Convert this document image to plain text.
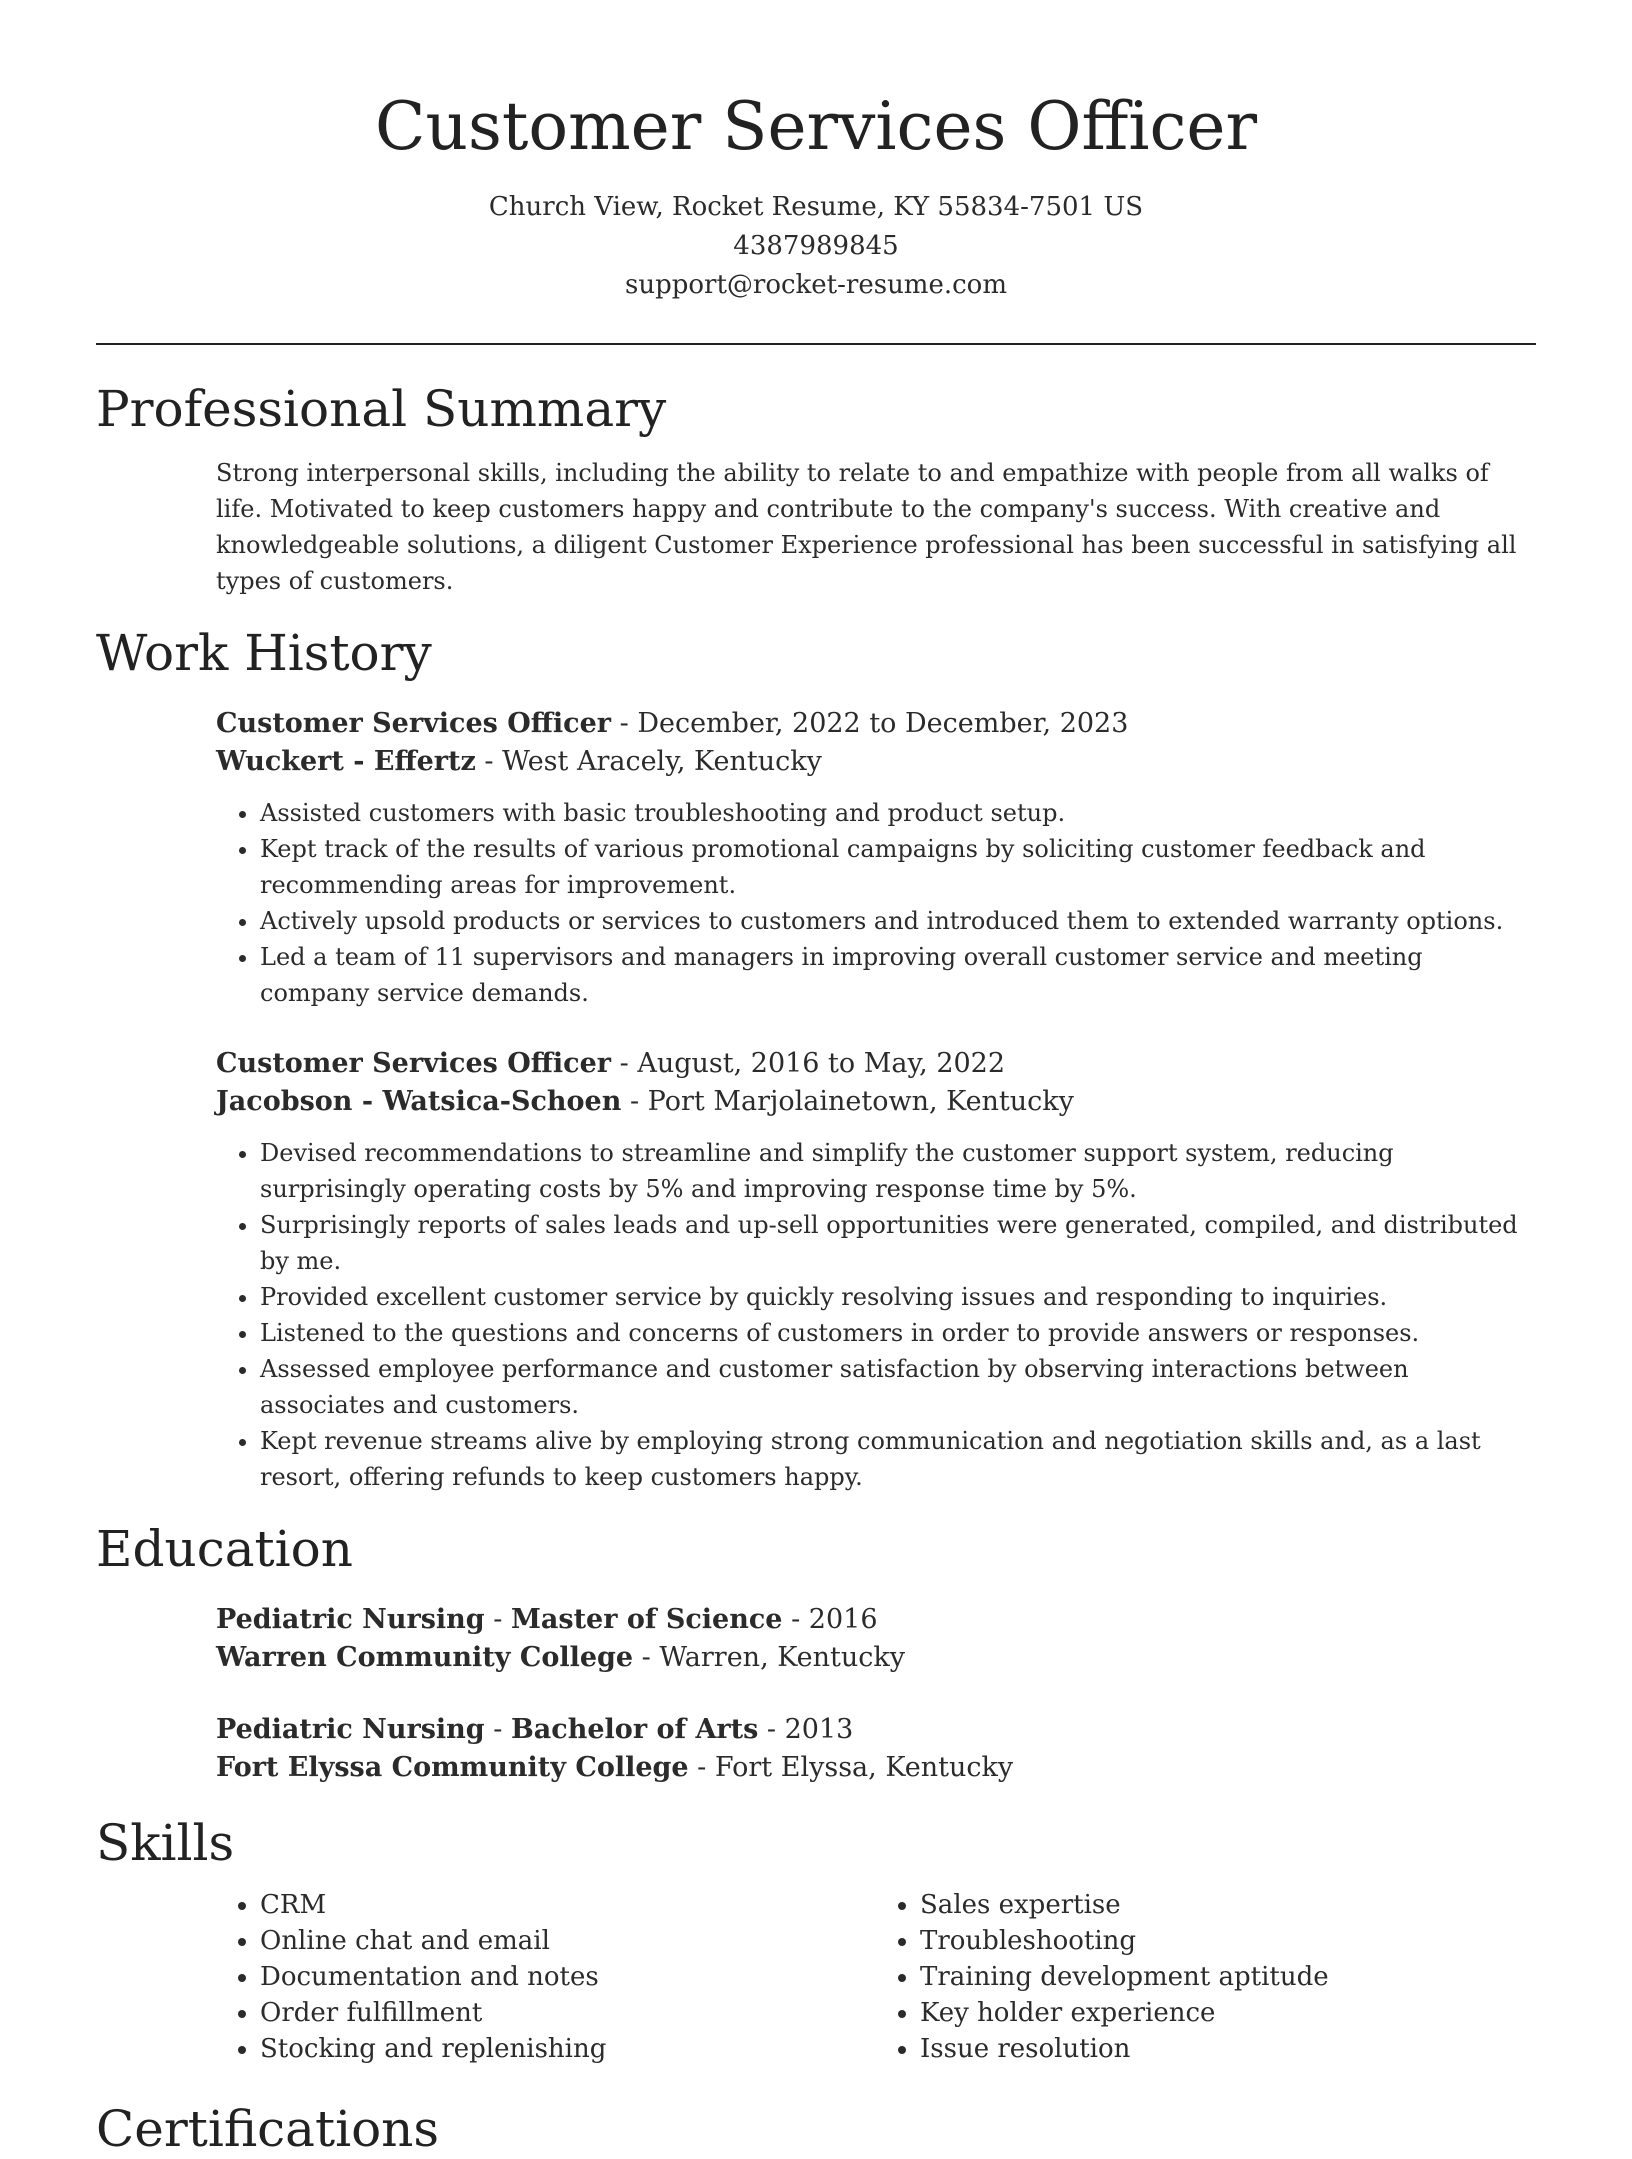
Customer Services Officer
Church View, Rocket Resume, KY 55834-7501 US
4387989845
support@rocket-resume.com
Professional Summary

Strong interpersonal skills, including the ability to relate to and empathize with people from all walks of life. Motivated to keep customers happy and contribute to the company's success. With creative and knowledgeable solutions, a diligent Customer Experience professional has been successful in satisfying all types of customers.

Work History
Customer Services Officer - December, 2022 to December, 2023
Wuckert - Effertz - West Aracely, Kentucky
• Assisted customers with basic troubleshooting and product setup.
• Kept track of the results of various promotional campaigns by soliciting customer feedback and recommending areas for improvement.
• Actively upsold products or services to customers and introduced them to extended warranty options.
• Led a team of 11 supervisors and managers in improving overall customer service and meeting company service demands.
Customer Services Officer - August, 2016 to May, 2022
Jacobson - Watsica-Schoen - Port Marjolainetown, Kentucky
• Devised recommendations to streamline and simplify the customer support system, reducing surprisingly operating costs by 5% and improving response time by 5%.
• Surprisingly reports of sales leads and up-sell opportunities were generated, compiled, and distributed by me.
• Provided excellent customer service by quickly resolving issues and responding to inquiries.
• Listened to the questions and concerns of customers in order to provide answers or responses.
• Assessed employee performance and customer satisfaction by observing interactions between associates and customers.
• Kept revenue streams alive by employing strong communication and negotiation skills and, as a last resort, offering refunds to keep customers happy.
Education
Pediatric Nursing - Master of Science - 2016
Warren Community College - Warren, Kentucky
Pediatric Nursing - Bachelor of Arts - 2013
Fort Elyssa Community College - Fort Elyssa, Kentucky
Skills
• CRM
• Online chat and email
• Documentation and notes
• Order fulfillment
• Stocking and replenishing
• Sales expertise
• Troubleshooting
• Training development aptitude
• Key holder experience
• Issue resolution
Certifications
